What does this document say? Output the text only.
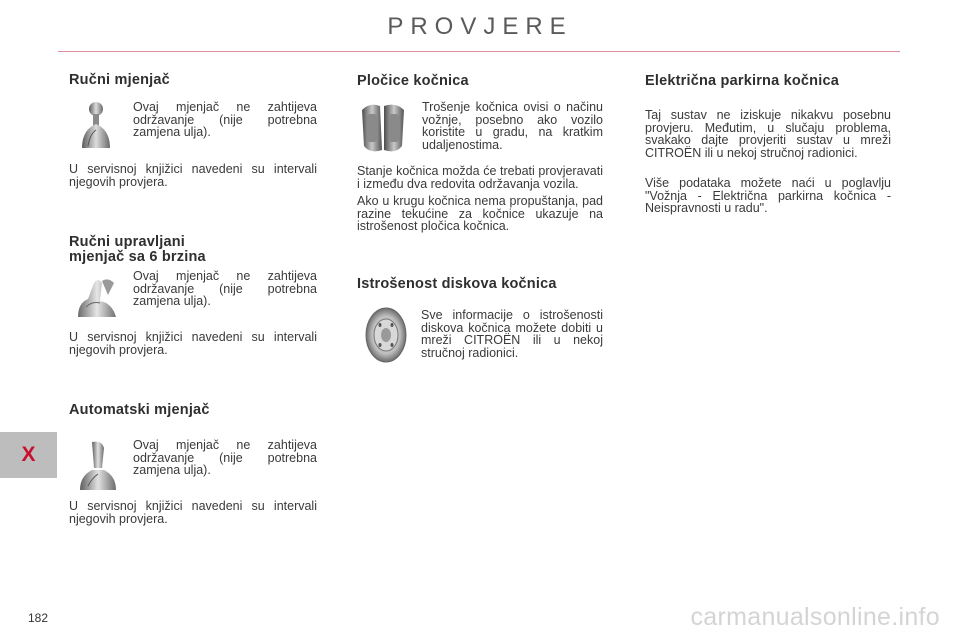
PROVJERE
X
182	carmanualsonline.info
Ručni mjenjač

Ovaj mjenjač ne zahtijeva održavanje (nije potrebna zamjena ulja).

U servisnoj knjižici navedeni su intervali njegovih provjera.

Ručni upravljani
mjenjač sa 6 brzina

Ovaj mjenjač ne zahtijeva održavanje (nije potrebna zamjena ulja).

U servisnoj knjižici navedeni su intervali njegovih provjera.

Automatski mjenjač

Ovaj mjenjač ne zahtijeva održavanje (nije potrebna zamjena ulja).

U servisnoj knjižici navedeni su intervali njegovih provjera.

Pločice kočnica

Trošenje kočnica ovisi o načinu vožnje, posebno ako vozilo koristite u gradu, na kratkim udaljenostima.

Stanje kočnica možda će trebati provjeravati i između dva redovita održavanja vozila.

Ako u krugu kočnica nema propuštanja, pad razine tekućine za kočnice ukazuje na istrošenost pločica kočnica.

Istrošenost diskova kočnica

Sve informacije o istrošenosti diskova kočnica možete dobiti u mreži CITROËN ili u nekoj stručnoj radionici.

Električna parkirna kočnica

Taj sustav ne iziskuje nikakvu posebnu provjeru. Međutim, u slučaju problema, svakako dajte provjeriti sustav u mreži CITROËN ili u nekoj stručnoj radionici.

Više podataka možete naći u poglavlju "Vožnja - Električna parkirna kočnica - Neispravnosti u radu".
